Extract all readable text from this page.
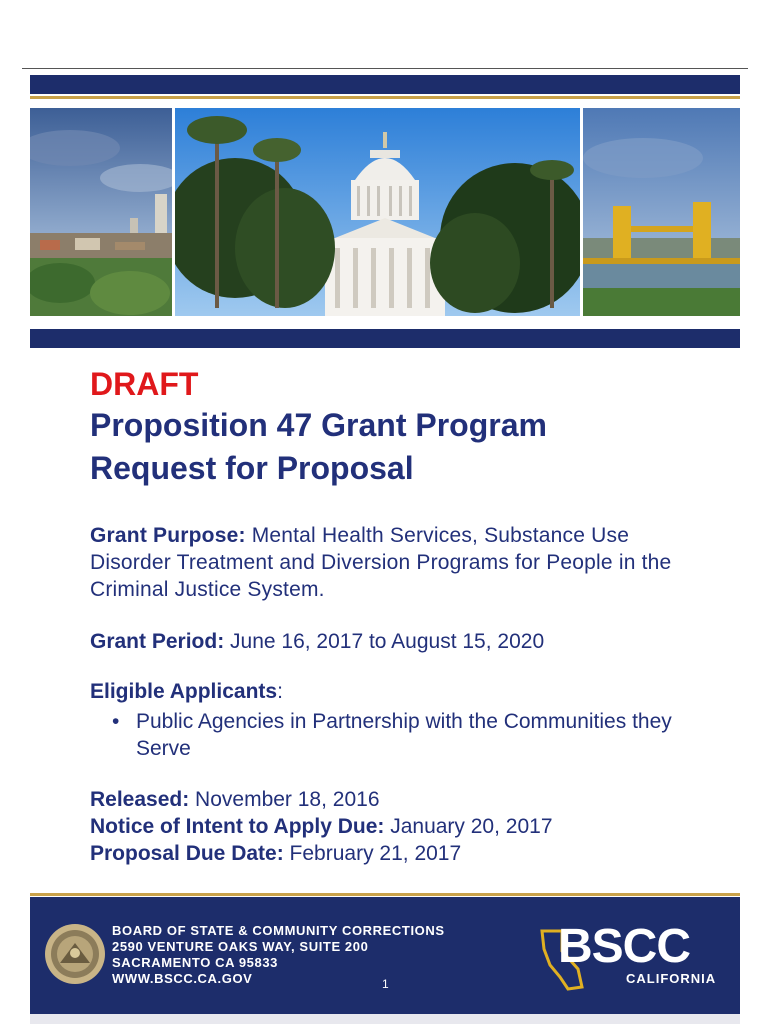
DRAFT
Proposition 47 Grant Program
Request for Proposal
Grant Purpose: Mental Health Services, Substance Use Disorder Treatment and Diversion Programs for People in the Criminal Justice System.
Grant Period: June 16, 2017 to August 15, 2020
Eligible Applicants:
• Public Agencies in Partnership with the Communities they Serve
Released: November 18, 2016
Notice of Intent to Apply Due: January 20, 2017
Proposal Due Date: February 21, 2017
BOARD OF STATE & COMMUNITY CORRECTIONS
2590 VENTURE OAKS WAY, SUITE 200
SACRAMENTO CA 95833
WWW.BSCC.CA.GOV
BSCC
CALIFORNIA
1
